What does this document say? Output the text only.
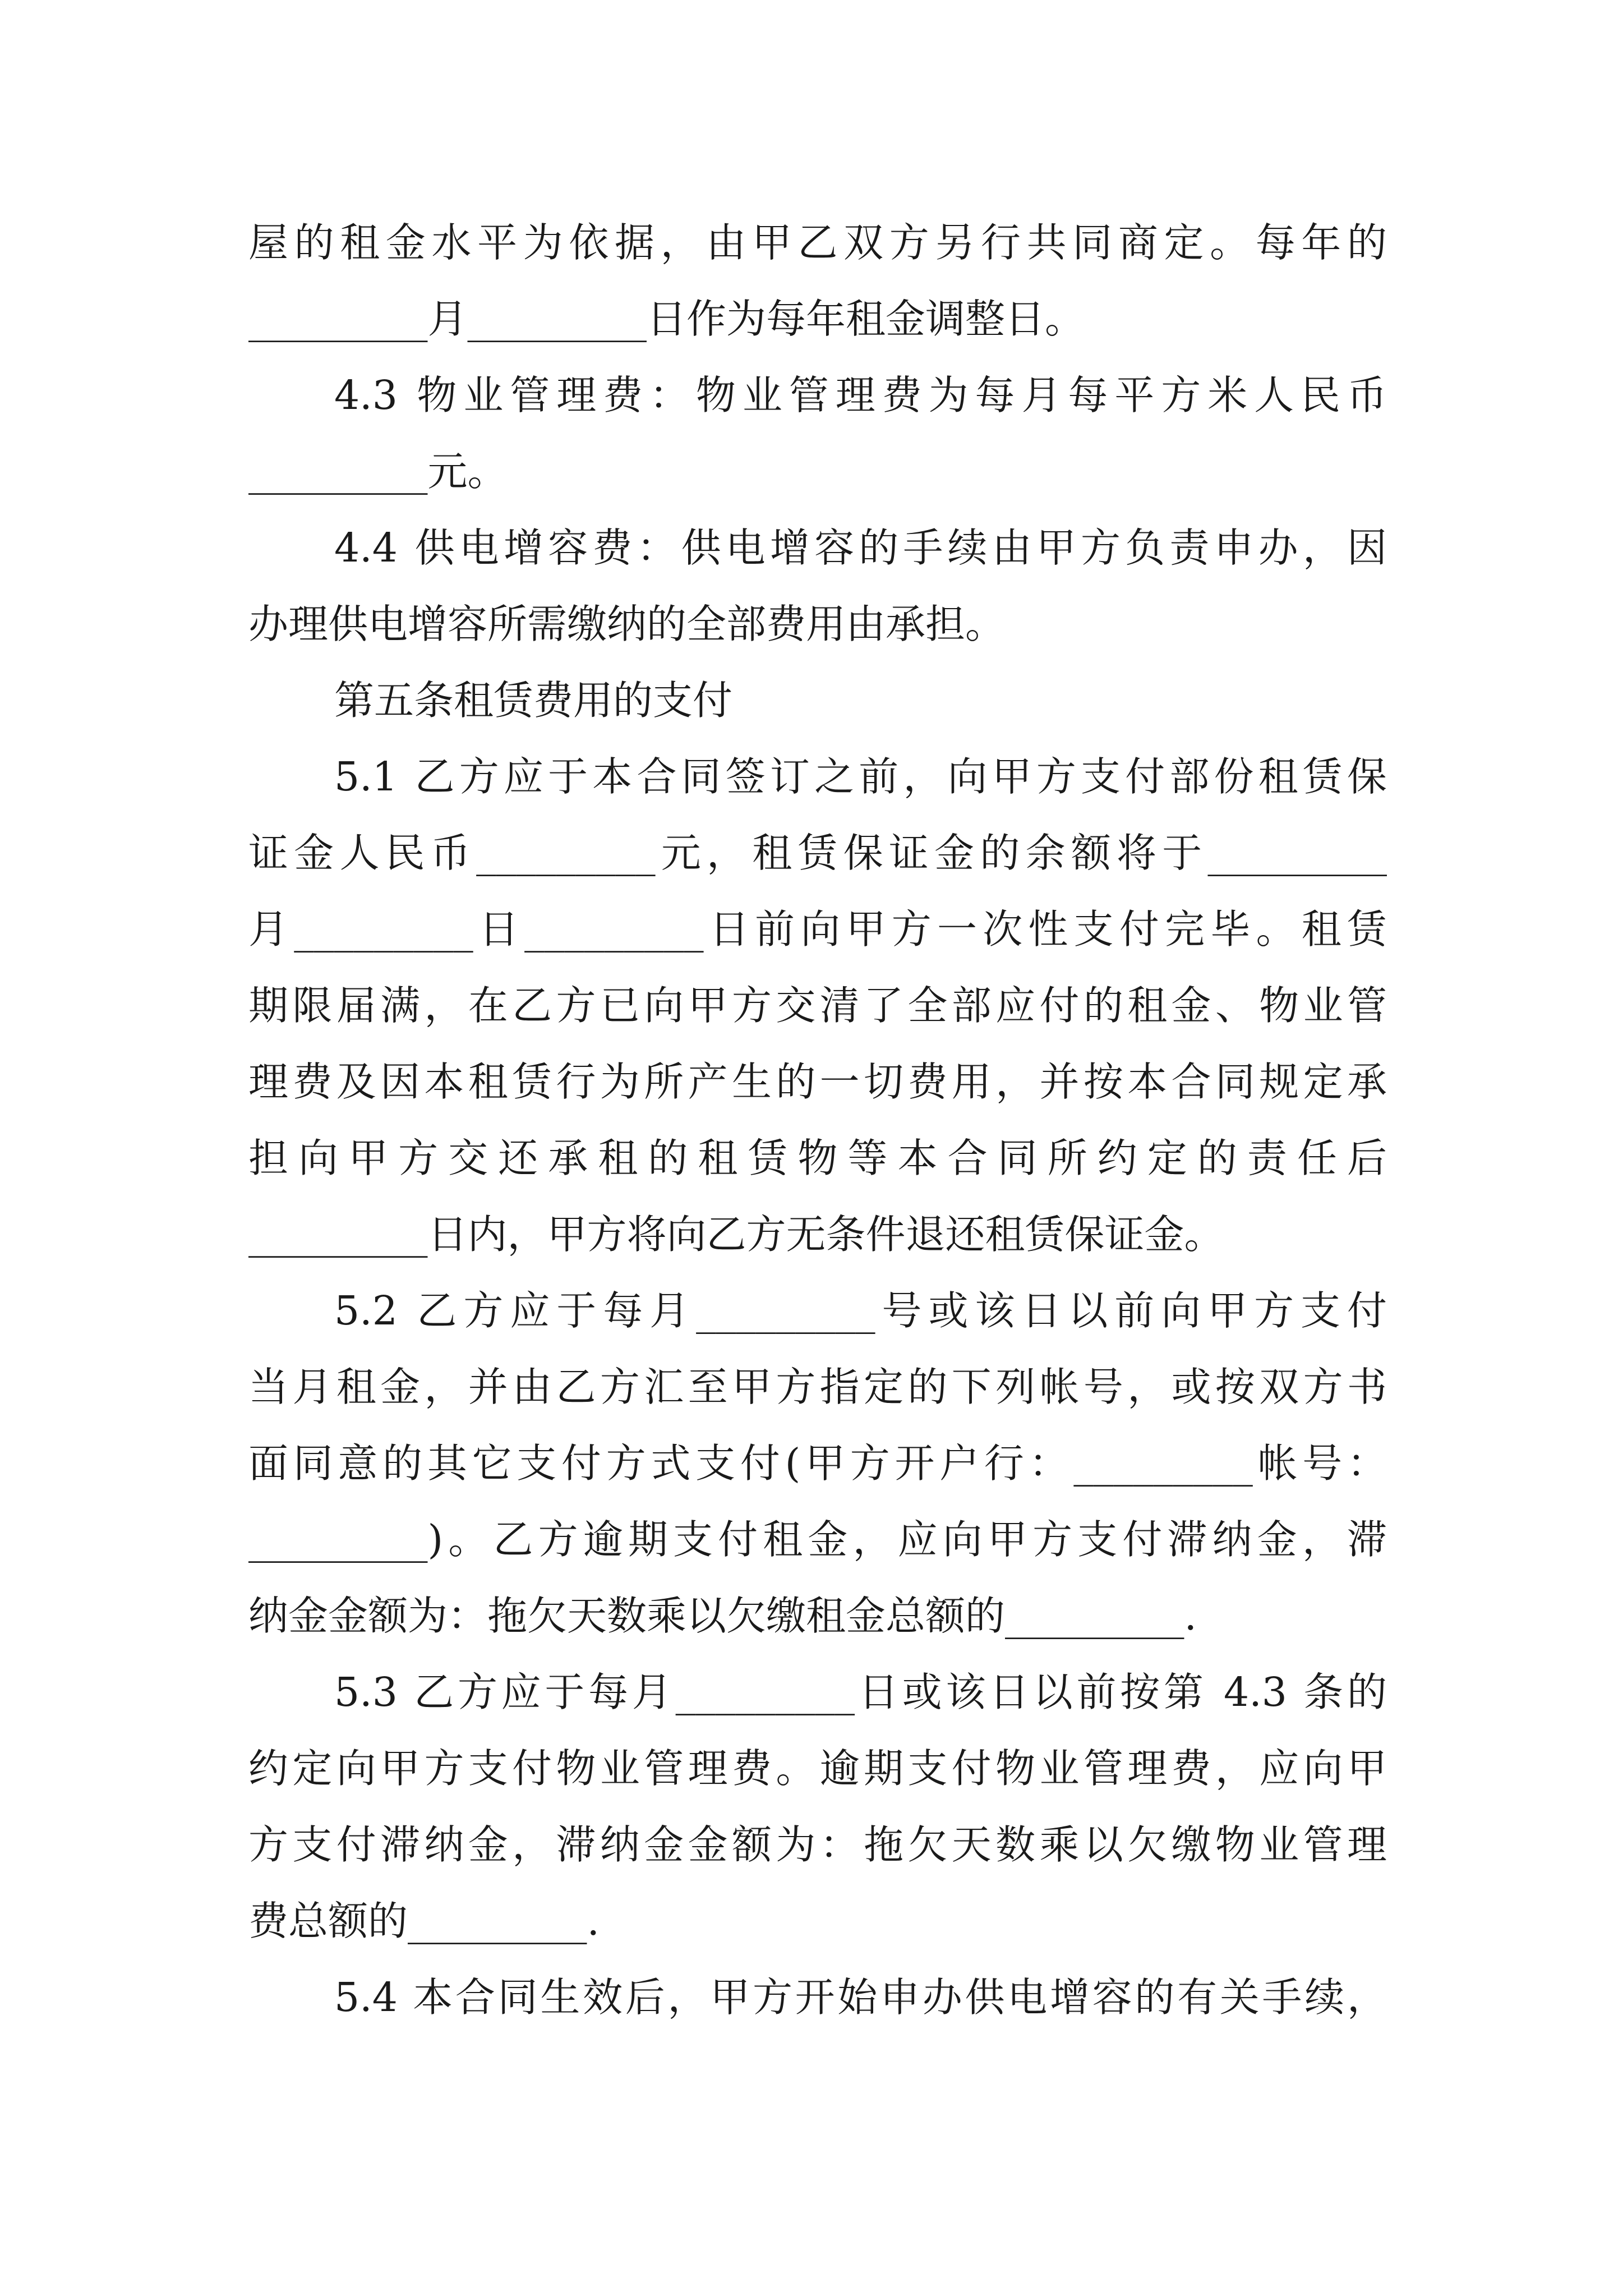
屋的租金水平为依据，由甲乙双方另行共同商定。每年的
_________月_________日作为每年租金调整日。
4.3 物业管理费：物业管理费为每月每平方米人民币
_________元。
4.4 供电增容费：供电增容的手续由甲方负责申办，因
办理供电增容所需缴纳的全部费用由承担。
第五条租赁费用的支付
5.1 乙方应于本合同签订之前，向甲方支付部份租赁保
证金人民币_________元，租赁保证金的余额将于_________
月_________日_________日前向甲方一次性支付完毕。租赁
期限届满，在乙方已向甲方交清了全部应付的租金、物业管
理费及因本租赁行为所产生的一切费用，并按本合同规定承
担向甲方交还承租的租赁物等本合同所约定的责任后
_________日内，甲方将向乙方无条件退还租赁保证金。
5.2 乙方应于每月_________号或该日以前向甲方支付
当月租金，并由乙方汇至甲方指定的下列帐号，或按双方书
面同意的其它支付方式支付(甲方开户行：_________帐号：
_________)。乙方逾期支付租金，应向甲方支付滞纳金，滞
纳金金额为：拖欠天数乘以欠缴租金总额的_________.
5.3 乙方应于每月_________日或该日以前按第 4.3 条的
约定向甲方支付物业管理费。逾期支付物业管理费，应向甲
方支付滞纳金，滞纳金金额为：拖欠天数乘以欠缴物业管理
费总额的_________.
5.4 本合同生效后，甲方开始申办供电增容的有关手续，
